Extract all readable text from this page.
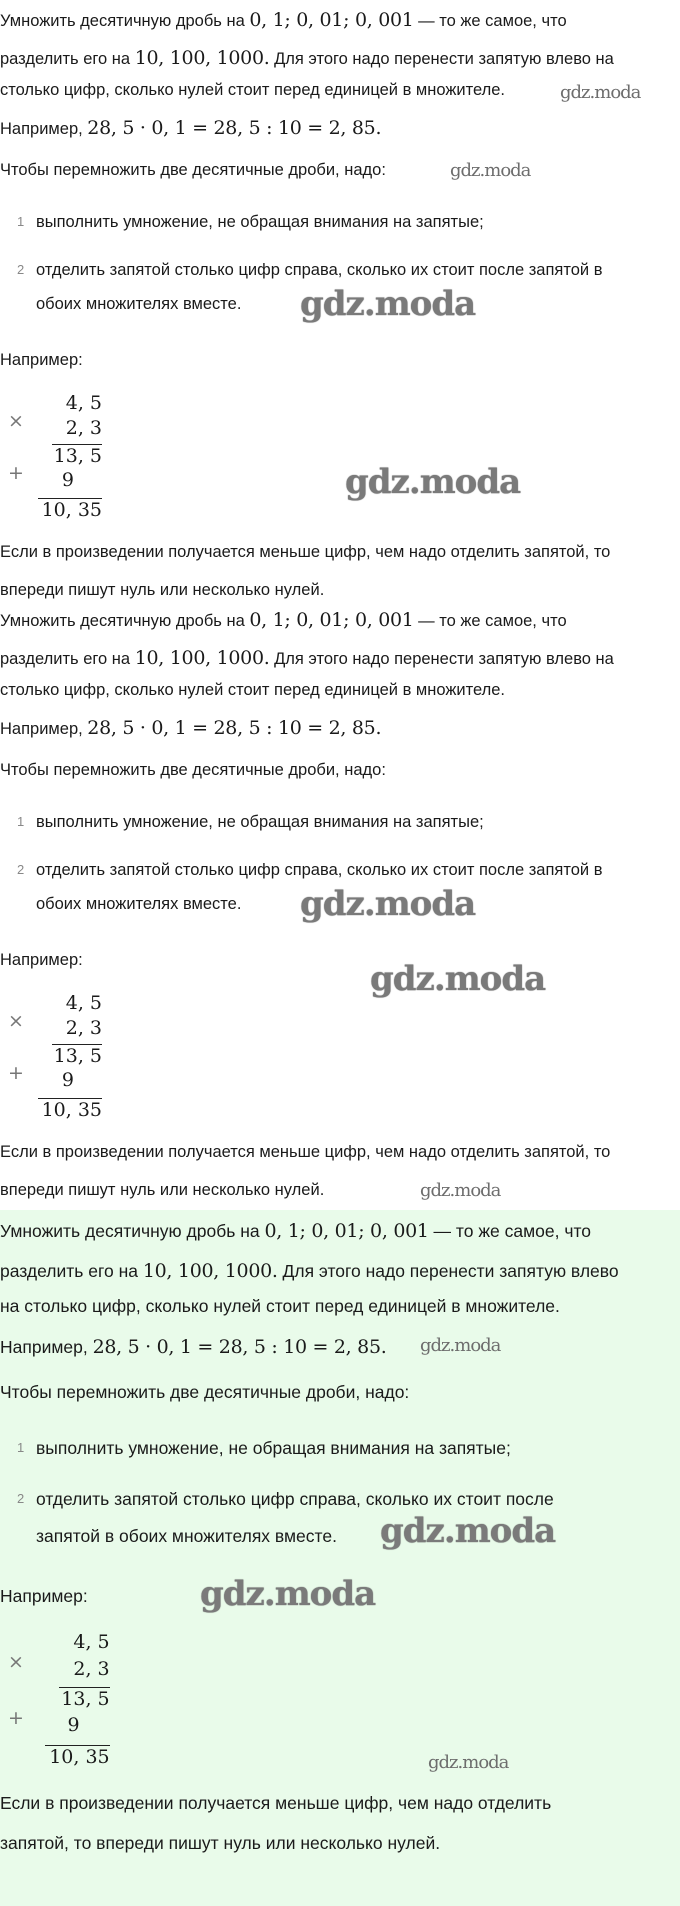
Умножить десятичную дробь на 0, 1; 0, 01; 0, 001 — то же самое, что
разделить его на 10, 100, 1000. Для этого надо перенести запятую влево на
столько цифр, сколько нулей стоит перед единицей в множителе.
Например, 28, 5 · 0, 1 = 28, 5 : 10 = 2, 85.
Чтобы перемножить две десятичные дроби, надо:
1 выполнить умножение, не обращая внимания на запятые;
2 отделить запятой столько цифр справа, сколько их стоит после запятой в
обоих множителях вместе.
Например:
4, 5
2, 3
13, 5
9
10, 35
×
+
Если в произведении получается меньше цифр, чем надо отделить запятой, то
впереди пишут нуль или несколько нулей.
Умножить десятичную дробь на 0, 1; 0, 01; 0, 001 — то же самое, что
разделить его на 10, 100, 1000. Для этого надо перенести запятую влево на
столько цифр, сколько нулей стоит перед единицей в множителе.
Например, 28, 5 · 0, 1 = 28, 5 : 10 = 2, 85.
Чтобы перемножить две десятичные дроби, надо:
1 выполнить умножение, не обращая внимания на запятые;
2 отделить запятой столько цифр справа, сколько их стоит после запятой в
обоих множителях вместе.
Например:
4, 5
2, 3
13, 5
9
10, 35
×
+
Если в произведении получается меньше цифр, чем надо отделить запятой, то
впереди пишут нуль или несколько нулей.
Умножить десятичную дробь на 0, 1; 0, 01; 0, 001 — то же самое, что
разделить его на 10, 100, 1000. Для этого надо перенести запятую влево
на столько цифр, сколько нулей стоит перед единицей в множителе.
Например, 28, 5 · 0, 1 = 28, 5 : 10 = 2, 85.
Чтобы перемножить две десятичные дроби, надо:
1 выполнить умножение, не обращая внимания на запятые;
2 отделить запятой столько цифр справа, сколько их стоит после
запятой в обоих множителях вместе.
Например:
4, 5
2, 3
13, 5
9
10, 35
×
+
Если в произведении получается меньше цифр, чем надо отделить
запятой, то впереди пишут нуль или несколько нулей.
gdz.moda
gdz.moda
gdz.moda
gdz.moda
gdz.moda
gdz.moda
gdz.moda
gdz.moda
gdz.moda
gdz.moda
gdz.moda
